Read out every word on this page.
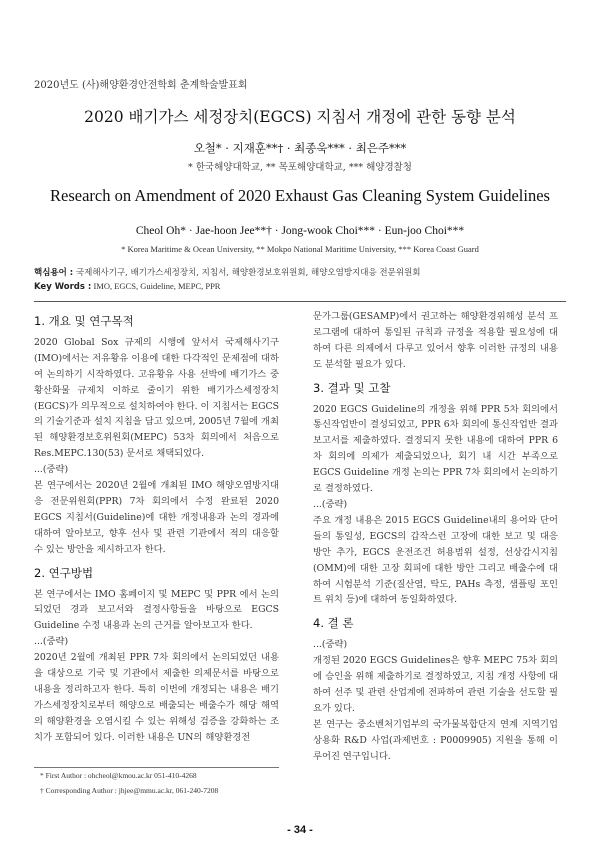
2020년도 (사)해양환경안전학회 춘계학술발표회
2020 배기가스 세정장치(EGCS) 지침서 개정에 관한 동향 분석
오철* · 지재훈**† · 최종욱*** · 최은주***
* 한국해양대학교, ** 목포해양대학교, *** 해양경찰청
Research on Amendment of 2020 Exhaust Gas Cleaning System Guidelines
Cheol Oh* · Jae-hoon Jee**† · Jong-wook Choi*** · Eun-joo Choi***
* Korea Maritime & Ocean University, ** Mokpo National Maritime University, *** Korea Coast Guard
핵심용어 : 국제해사기구, 배기가스세정장치, 지침서, 해양환경보호위원회, 해양오염방지대응 전문위원회
Key Words : IMO, EGCS, Guideline, MEPC, PPR
1. 개요 및 연구목적

2020 Global Sox 규제의 시행에 앞서서 국제해사기구(IMO)에서는 저유황유 이용에 대한 다각적인 문제점에 대하여 논의하기 시작하였다. 고유황유 사용 선박에 배기가스 중 황산화물 규제치 이하로 줄이기 위한 배기가스세정장치(EGCS)가 의무적으로 설치하여야 한다. 이 지침서는 EGCS의 기술기준과 설치 지침을 담고 있으며, 2005년 7월에 개최된 해양환경보호위원회(MEPC) 53차 회의에서 처음으로 Res.MEPC.130(53) 문서로 채택되었다.

...(중략)

본 연구에서는 2020년 2월에 개최된 IMO 해양오염방지대응 전문위원회(PPR) 7차 회의에서 수정 완료된 2020 EGCS 지침서(Guideline)에 대한 개정내용과 논의 경과에 대하여 알아보고, 향후 선사 및 관련 기관에서 적의 대응할 수 있는 방안을 제시하고자 한다.

2. 연구방법

본 연구에서는 IMO 홈페이지 및 MEPC 및 PPR 에서 논의되었던 경과 보고서와 결정사항들을 바탕으로 EGCS Guideline 수정 내용과 논의 근거를 알아보고자 한다.

...(중략)

2020년 2월에 개최된 PPR 7차 회의에서 논의되었던 내용을 대상으로 기국 및 기관에서 제출한 의제문서를 바탕으로 내용을 정리하고자 한다. 특히 이번에 개정되는 내용은 배기가스세정장치로부터 해양으로 배출되는 배출수가 해당 해역의 해양환경을 오염시킬 수 있는 위해성 검증을 강화하는 조치가 포함되어 있다. 이러한 내용은 UN의 해양환경전

문가그룹(GESAMP)에서 권고하는 해양환경위해성 분석 프로그램에 대하여 통일된 규칙과 규정을 적용할 필요성에 대하여 다른 의제에서 다루고 있어서 향후 이러한 규정의 내용도 분석할 필요가 있다.

3. 결과 및 고찰

2020 EGCS Guideline의 개정을 위해 PPR 5차 회의에서 통신작업반이 결성되었고, PPR 6차 회의에 통신작업반 결과보고서를 제출하였다. 결정되지 못한 내용에 대하여 PPR 6차 회의에 의제가 제출되었으나, 회기 내 시간 부족으로 EGCS Guideline 개정 논의는 PPR 7차 회의에서 논의하기로 결정하였다.

...(중략)

주요 개정 내용은 2015 EGCS Guideline내의 용어와 단어들의 통일성, EGCS의 갑작스런 고장에 대한 보고 및 대응 방안 추가, EGCS 운전조건 허용범위 설정, 선상감시지침(OMM)에 대한 고장 회피에 대한 방안 그리고 배출수에 대하여 시험분석 기준(질산염, 탁도, PAHs 측정, 샘플링 포인트 위치 등)에 대하여 동일화하였다.

4. 결 론

...(중략)

개정된 2020 EGCS Guidelines은 향후 MEPC 75차 회의에 승인을 위해 제출하기로 결정하였고, 지침 개정 사항에 대하여 선주 및 관련 산업계에 전파하여 관련 기술을 선도할 필요가 있다.

본 연구는 중소벤처기업부의 국가물복합단지 연계 지역기업 상용화 R&D 사업(과제번호 : P0009905) 지원을 통해 이루어진 연구입니다.

* First Author : ohcheol@kmou.ac.kr 051-410-4268
† Corresponding Author : jhjee@mmu.ac.kr, 061-240-7208
- 34 -
